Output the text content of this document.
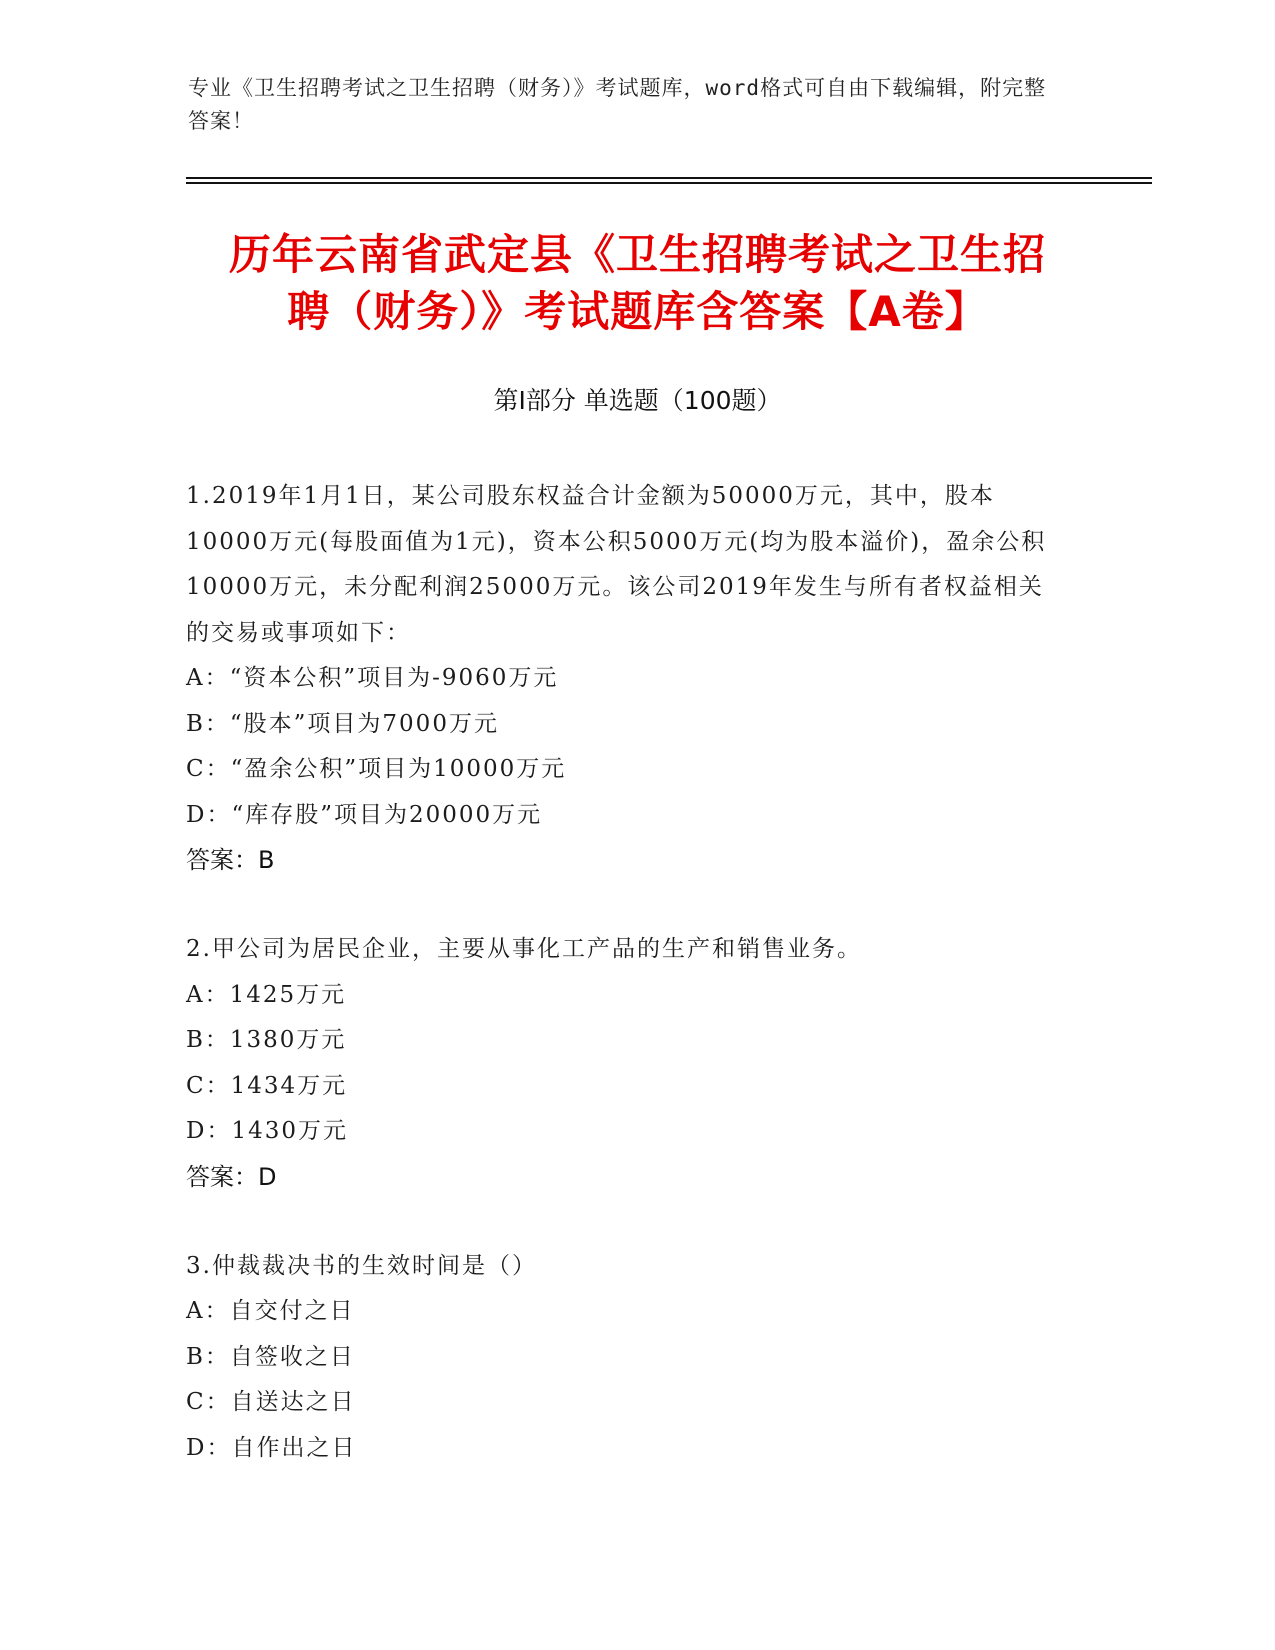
专业《卫生招聘考试之卫生招聘（财务）》考试题库，word格式可自由下载编辑，附完整答案！
历年云南省武定县《卫生招聘考试之卫生招
聘（财务）》考试题库含答案【A卷】
第I部分 单选题（100题）
1.2019年1月1日，某公司股东权益合计金额为50000万元，其中，股本10000万元(每股面值为1元)，资本公积5000万元(均为股本溢价)，盈余公积10000万元，未分配利润25000万元。该公司2019年发生与所有者权益相关的交易或事项如下：
A：“资本公积”项目为-9060万元
B：“股本”项目为7000万元
C：“盈余公积”项目为10000万元
D：“库存股”项目为20000万元
答案：B
2.甲公司为居民企业，主要从事化工产品的生产和销售业务。
A：1425万元
B：1380万元
C：1434万元
D：1430万元
答案：D
3.仲裁裁决书的生效时间是（）
A：自交付之日
B：自签收之日
C：自送达之日
D：自作出之日
